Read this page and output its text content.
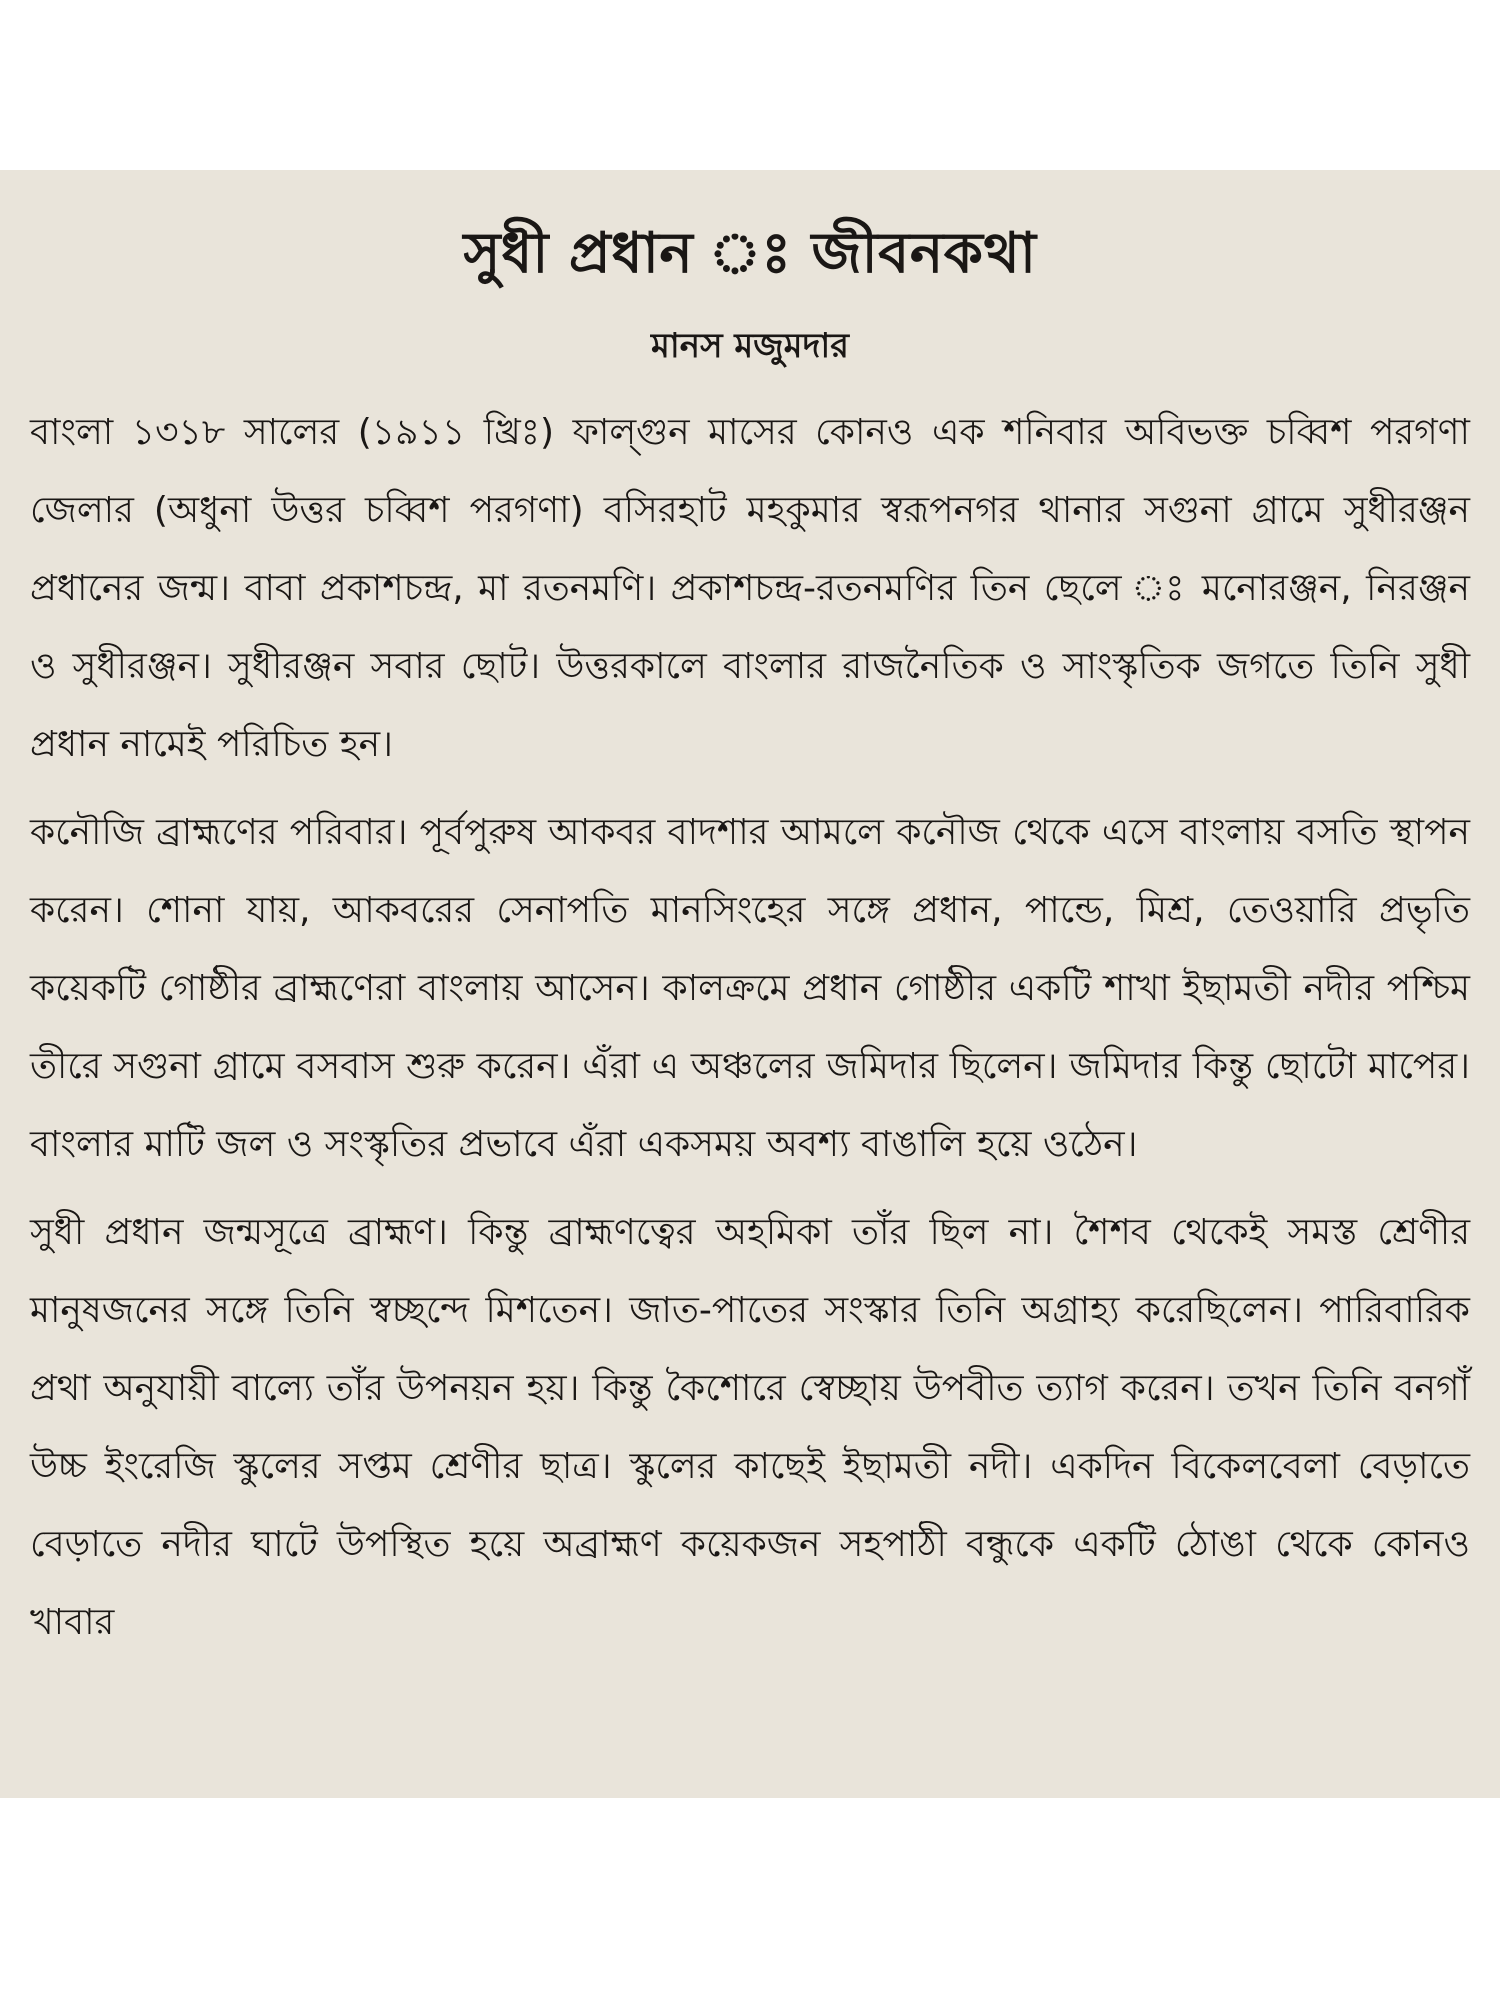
সুধী প্রধান ঃ জীবনকথা
মানস মজুমদার

বাংলা ১৩১৮ সালের (১৯১১ খ্রিঃ) ফাল্গুন মাসের কোনও এক শনিবার অবিভক্ত চব্বিশ পরগণা জেলার (অধুনা উত্তর চব্বিশ পরগণা) বসিরহাট মহকুমার স্বরূপনগর থানার সগুনা গ্রামে সুধীরঞ্জন প্রধানের জন্ম। বাবা প্রকাশচন্দ্র, মা রতনমণি। প্রকাশচন্দ্র-রতনমণির তিন ছেলে ঃ মনোরঞ্জন, নিরঞ্জন ও সুধীরঞ্জন। সুধীরঞ্জন সবার ছোট। উত্তরকালে বাংলার রাজনৈতিক ও সাংস্কৃতিক জগতে তিনি সুধী প্রধান নামেই পরিচিত হন।

কনৌজি ব্রাহ্মণের পরিবার। পূর্বপুরুষ আকবর বাদশার আমলে কনৌজ থেকে এসে বাংলায় বসতি স্থাপন করেন। শোনা যায়, আকবরের সেনাপতি মানসিংহের সঙ্গে প্রধান, পান্ডে, মিশ্র, তেওয়ারি প্রভৃতি কয়েকটি গোষ্ঠীর ব্রাহ্মণেরা বাংলায় আসেন। কালক্রমে প্রধান গোষ্ঠীর একটি শাখা ইছামতী নদীর পশ্চিম তীরে সগুনা গ্রামে বসবাস শুরু করেন। এঁরা এ অঞ্চলের জমিদার ছিলেন। জমিদার কিন্তু ছোটো মাপের। বাংলার মাটি জল ও সংস্কৃতির প্রভাবে এঁরা একসময় অবশ্য বাঙালি হয়ে ওঠেন।

সুধী প্রধান জন্মসূত্রে ব্রাহ্মণ। কিন্তু ব্রাহ্মণত্বের অহমিকা তাঁর ছিল না। শৈশব থেকেই সমস্ত শ্রেণীর মানুষজনের সঙ্গে তিনি স্বচ্ছন্দে মিশতেন। জাত-পাতের সংস্কার তিনি অগ্রাহ্য করেছিলেন। পারিবারিক প্রথা অনুযায়ী বাল্যে তাঁর উপনয়ন হয়। কিন্তু কৈশোরে স্বেচ্ছায় উপবীত ত্যাগ করেন। তখন তিনি বনগাঁ উচ্চ ইংরেজি স্কুলের সপ্তম শ্রেণীর ছাত্র। স্কুলের কাছেই ইছামতী নদী। একদিন বিকেলবেলা বেড়াতে বেড়াতে নদীর ঘাটে উপস্থিত হয়ে অব্রাহ্মণ কয়েকজন সহপাঠী বন্ধুকে একটি ঠোঙা থেকে কোনও খাবার
